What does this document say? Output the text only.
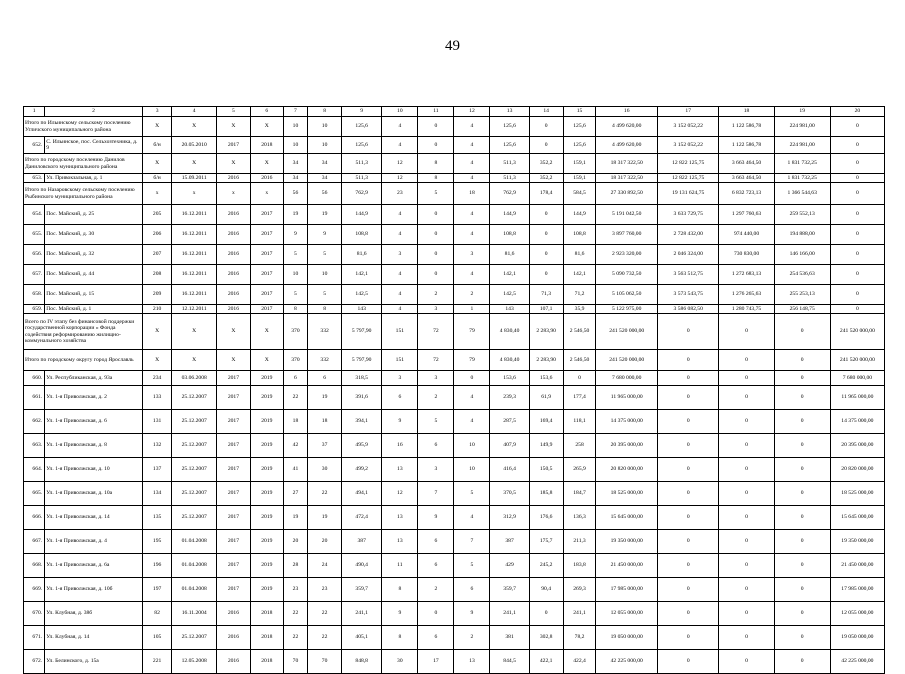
49
1	2	3	4	5	6	7	8	9	10	11	12	13	14	15	16	17	18	19	20
Итого по Ильинскому сельскому поселению Угличского муниципального района		Х	Х	Х	Х	10	10	125,6	4	0	4	125,6	0	125,6	4 499 620,00	3 152 052,22	1 122 586,78	224 981,00	0
652.	С. Ильинское, пос. Сельхозтехника, д. 9	б/н	20.05.2010	2017	2018	10	10	125,6	4	0	4	125,6	0	125,6	4 499 620,00	3 152 052,22	1 122 586,78	224 981,00	0
Итого по городскому поселению Данилов Даниловского муниципального района		Х	Х	Х	Х	34	34	511,3	12	8	4	511,3	352,2	159,1	18 317 322,50	12 822 125,75	3 663 464,50	1 831 732,25	0
653.	Ул. Привокзальная, д. 1	б/н	15.09.2011	2016	2016	34	34	511,3	12	8	4	511,3	352,2	159,1	18 317 322,50	12 822 125,75	3 663 464,50	1 831 732,25	0
Итого по Назаровскому сельскому поселению Рыбинского муниципального района		х	х	х	х	56	56	762,9	23	5	18	762,9	178,4	584,5	27 330 892,50	19 131 624,75	6 832 723,13	1 366 544,63	0
654.	Пос. Майский, д. 25	205	16.12.2011	2016	2017	19	19	144,9	4	0	4	144,9	0	144,9	5 191 042,50	3 633 729,75	1 297 760,63	259 552,13	0
655.	Пос. Майский, д. 30	206	16.12.2011	2016	2017	9	9	108,8	4	0	4	108,8	0	108,8	3 897 760,00	2 728 432,00	974 440,00	194 888,00	0
656.	Пос. Майский, д. 32	207	16.12.2011	2016	2017	5	5	81,6	3	0	3	81,6	0	81,6	2 923 320,00	2 046 324,00	730 830,00	146 166,00	0
657.	Пос. Майский, д. 44	208	16.12.2011	2016	2017	10	10	142,1	4	0	4	142,1	0	142,1	5 090 732,50	3 563 512,75	1 272 683,13	254 536,63	0
658.	Пос. Майский, д. 15	209	16.12.2011	2016	2017	5	5	142,5	4	2	2	142,5	71,3	71,2	5 105 062,50	3 573 543,75	1 276 265,63	255 253,13	0
659.	Пос. Майский, д. 1	210	12.12.2011	2016	2017	8	8	143	4	3	1	143	107,1	35,9	5 122 975,00	3 586 082,50	1 280 743,75	256 148,75	0
Всего по IV этапу без финансовой поддержки государственной корпорации « Фонда содействия реформированию жилищно-коммунального хозяйства		Х	Х	Х	Х	370	332	5 797,90	151	72	79	4 830,40	2 283,90	2 546,50	241 520 000,00	0	0	0	241 520 000,00
Итого по городскому округу город Ярославль		Х	Х	Х	Х	370	332	5 797,90	151	72	79	4 830,40	2 283,90	2 546,50	241 520 000,00	0	0	0	241 520 000,00
660.	Ул. Республиканская, д. 93а	234	03.06.2008	2017	2019	6	6	318,5	3	3	0	153,6	153,6	0	7 680 000,00	0	0	0	7 680 000,00
661.	Ул. 1-я Приволжская, д. 2	133	25.12.2007	2017	2019	22	19	391,6	6	2	4	239,3	61,9	177,4	11 965 000,00	0	0	0	11 965 000,00
662.	Ул. 1-я Приволжская, д. 6	131	25.12.2007	2017	2019	18	18	394,1	9	5	4	287,5	169,4	118,1	14 375 000,00	0	0	0	14 375 000,00
663.	Ул. 1-я Приволжская, д. 8	132	25.12.2007	2017	2019	42	37	495,9	16	6	10	407,9	149,9	258	20 395 000,00	0	0	0	20 395 000,00
664.	Ул. 1-я Приволжская, д. 10	137	25.12.2007	2017	2019	41	30	499,2	13	3	10	416,4	150,5	265,9	20 820 000,00	0	0	0	20 820 000,00
665.	Ул. 1-я Приволжская, д. 10а	134	25.12.2007	2017	2019	27	22	494,1	12	7	5	370,5	185,8	184,7	18 525 000,00	0	0	0	18 525 000,00
666.	Ул. 1-я Приволжская, д. 14	135	25.12.2007	2017	2019	19	19	472,4	13	9	4	312,9	176,6	136,3	15 645 000,00	0	0	0	15 645 000,00
667.	Ул. 1-я Приволжская, д. 4	195	01.04.2008	2017	2019	20	20	387	13	6	7	387	175,7	211,3	19 350 000,00	0	0	0	19 350 000,00
668.	Ул. 1-я Приволжская, д. 6а	196	01.04.2008	2017	2019	28	24	490,4	11	6	5	429	245,2	183,8	21 450 000,00	0	0	0	21 450 000,00
669.	Ул. 1-я Приволжская, д. 10б	197	01.04.2008	2017	2019	23	23	359,7	8	2	6	359,7	90,4	269,3	17 985 000,00	0	0	0	17 985 000,00
670.	Ул. Клубная, д. 38б	82	16.11.2004	2016	2018	22	22	241,1	9	0	9	241,1	0	241,1	12 055 000,00	0	0	0	12 055 000,00
671.	Ул. Клубная, д. 14	105	25.12.2007	2016	2018	22	22	405,1	8	6	2	381	302,8	78,2	19 050 000,00	0	0	0	19 050 000,00
672.	Ул. Белинского, д. 15а	221	12.05.2008	2016	2018	70	70	848,8	30	17	13	844,5	422,1	422,4	42 225 000,00	0	0	0	42 225 000,00
